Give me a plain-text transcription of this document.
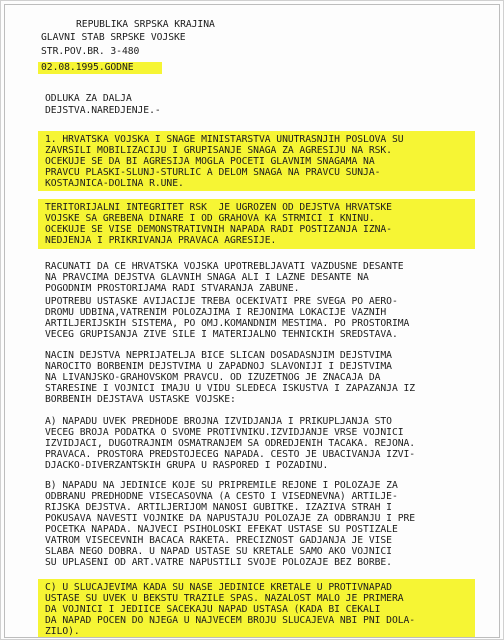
REPUBLIKA SRPSKA KRAJINA
GLAVNI STAB SRPSKE VOJSKE
STR.POV.BR. 3-480
02.08.1995.GODNE
ODLUKA ZA DALJA
DEJSTVA.NAREDJENJE.-
1. HRVATSKA VOJSKA I SNAGE MINISTARSTVA UNUTRASNJIH POSLOVA SU
ZAVRSILI MOBILIZACIJU I GRUPISANJE SNAGA ZA AGRESIJU NA RSK.
OCEKUJE SE DA BI AGRESIJA MOGLA POCETI GLAVNIM SNAGAMA NA
PRAVCU PLASKI-SLUNJ-STURLIC A DELOM SNAGA NA PRAVCU SUNJA-
KOSTAJNICA-DOLINA R.UNE.
TERITORIJALNI INTEGRITET RSK  JE UGROZEN OD DEJSTVA HRVATSKE
VOJSKE SA GREBENA DINARE I OD GRAHOVA KA STRMICI I KNINU.
OCEKUJE SE VISE DEMONSTRATIVNIH NAPADA RADI POSTIZANJA IZNA-
NEDJENJA I PRIKRIVANJA PRAVACA AGRESIJE.
RACUNATI DA CE HRVATSKA VOJSKA UPOTREBLJAVATI VAZDUSNE DESANTE
NA PRAVCIMA DEJSTVA GLAVNIH SNAGA ALI I LAZNE DESANTE NA
POGODNIM PROSTORIJAMA RADI STVARANJA ZABUNE.
UPOTREBU USTASKE AVIJACIJE TREBA OCEKIVATI PRE SVEGA PO AERO-
DROMU UDBINA,VATRENIM POLOZAJIMA I REJONIMA LOKACIJE VAZNIH
ARTILJERIJSKIH SISTEMA, PO OMJ.KOMANDNIM MESTIMA. PO PROSTORIMA
VECEG GRUPISANJA ZIVE SILE I MATERIJALNO TEHNICKIH SREDSTAVA.
NACIN DEJSTVA NEPRIJATELJA BICE SLICAN DOSADASNJIM DEJSTVIMA
NAROCITO BORBENIM DEJSTVIMA U ZAPADNOJ SLAVONIJI I DEJSTVIMA
NA LIVANJSKO-GRAHOVSKOM PRAVCU. OD IZUZETNOG JE ZNACAJA DA
STARESINE I VOJNICI IMAJU U VIDU SLEDECA ISKUSTVA I ZAPAZANJA IZ
BORBENIH DEJSTAVA USTASKE VOJSKE:
A) NAPADU UVEK PREDHODE BROJNA IZVIDJANJA I PRIKUPLJANJA STO
VECEG BROJA PODATKA O SVOME PROTIVNIKU.IZVIDJANJE VRSE VOJNICI
IZVIDJACI, DUGOTRAJNIM OSMATRANJEM SA ODREDJENIH TACAKA. REJONA.
PRAVACA. PROSTORA PREDSTOJECEG NAPADA. CESTO JE UBACIVANJA IZVI-
DJACKO-DIVERZANTSKIH GRUPA U RASPORED I POZADINU.
B) NAPADU NA JEDINICE KOJE SU PRIPREMILE REJONE I POLOZAJE ZA
ODBRANU PREDHODNE VISECASOVNA (A CESTO I VISEDNEVNA) ARTILJE-
RIJSKA DEJSTVA. ARTILJERIJOM NANOSI GUBITKE. IZAZIVA STRAH I
POKUSAVA NAVESTI VOJNIKE DA NAPUSTAJU POLOZAJE ZA ODBRANJU I PRE
POCETKA NAPADA. NAJVECI PSIHOLOSKI EFEKAT USTASE SU POSTIZALE
VATROM VISECEVNIH BACACA RAKETA. PRECIZNOST GADJANJA JE VISE
SLABA NEGO DOBRA. U NAPAD USTASE SU KRETALE SAMO AKO VOJNICI
SU UPLASENI OD ART.VATRE NAPUSTILI SVOJE POLOZAJE BEZ BORBE.
C) U SLUCAJEVIMA KADA SU NASE JEDINICE KRETALE U PROTIVNAPAD
USTASE SU UVEK U BEKSTU TRAZILE SPAS. NAZALOST MALO JE PRIMERA
DA VOJNICI I JEDIICE SACEKAJU NAPAD USTASA (KADA BI CEKALI
DA NAPAD POCEN DO NJEGA U NAJVECEM BROJU SLUCAJEVA NBI PNI DOLA-
ZILO).
